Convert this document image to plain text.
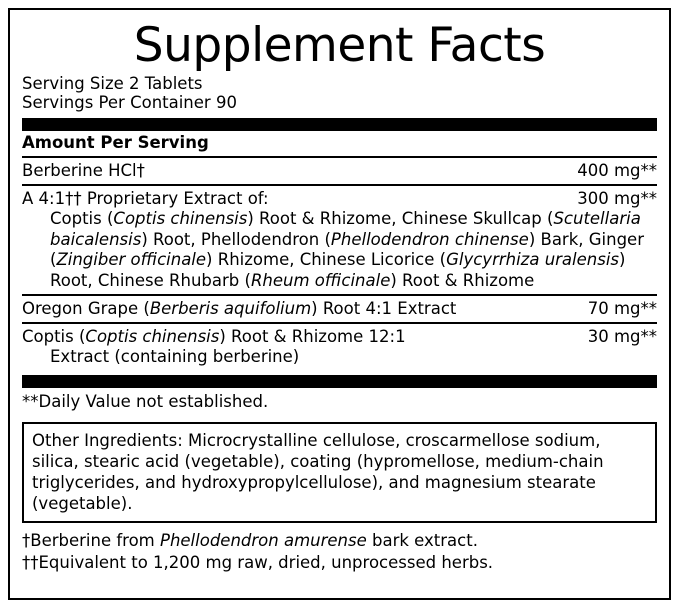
Supplement Facts
Serving Size 2 Tablets
Servings Per Container 90
Amount Per Serving
Berberine HCl†	400 mg**
A 4:1†† Proprietary Extract of:	300 mg**
Coptis (Coptis chinensis) Root & Rhizome, Chinese Skullcap (Scutellaria baicalensis) Root, Phellodendron (Phellodendron chinense) Bark, Ginger (Zingiber officinale) Rhizome, Chinese Licorice (Glycyrrhiza uralensis) Root, Chinese Rhubarb (Rheum officinale) Root & Rhizome
Oregon Grape (Berberis aquifolium) Root 4:1 Extract	70 mg**
Coptis (Coptis chinensis) Root & Rhizome 12:1	30 mg**
Extract (containing berberine)
**Daily Value not established.
Other Ingredients: Microcrystalline cellulose, croscarmellose sodium, silica, stearic acid (vegetable), coating (hypromellose, medium-chain triglycerides, and hydroxypropylcellulose), and magnesium stearate (vegetable).
†Berberine from Phellodendron amurense bark extract.
††Equivalent to 1,200 mg raw, dried, unprocessed herbs.
